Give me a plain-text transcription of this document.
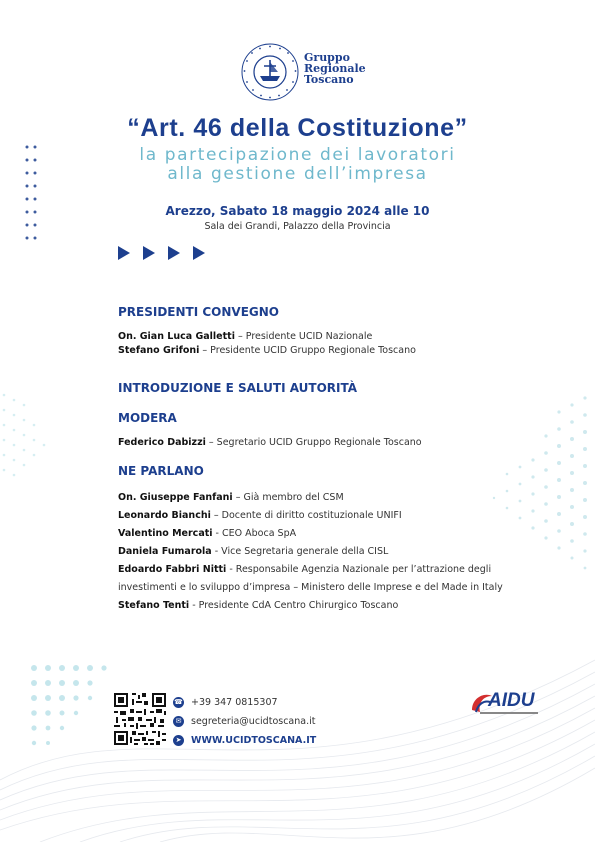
Gruppo
Regionale
Toscano
“Art. 46 della Costituzione”
la partecipazione dei lavoratori
alla gestione dell’impresa
Arezzo, Sabato 18 maggio 2024 alle 10
Sala dei Grandi, Palazzo della Provincia
PRESIDENTI CONVEGNO
On. Gian Luca Galletti – Presidente UCID Nazionale
Stefano Grifoni – Presidente UCID Gruppo Regionale Toscano
INTRODUZIONE E SALUTI AUTORITÀ
MODERA
Federico Dabizzi – Segretario UCID Gruppo Regionale Toscano
NE PARLANO
On. Giuseppe Fanfani – Già membro del CSM
Leonardo Bianchi – Docente di diritto costituzionale UNIFI
Valentino Mercati - CEO Aboca SpA
Daniela Fumarola - Vice Segretaria generale della CISL
Edoardo Fabbri Nitti - Responsabile Agenzia Nazionale per l’attrazione degli
investimenti e lo sviluppo d’impresa – Ministero delle Imprese e del Made in Italy
Stefano Tenti - Presidente CdA Centro Chirurgico Toscano
☎ +39 347 0815307
✉ segreteria@ucidtoscana.it
➤ WWW.UCIDTOSCANA.IT
AIDU
